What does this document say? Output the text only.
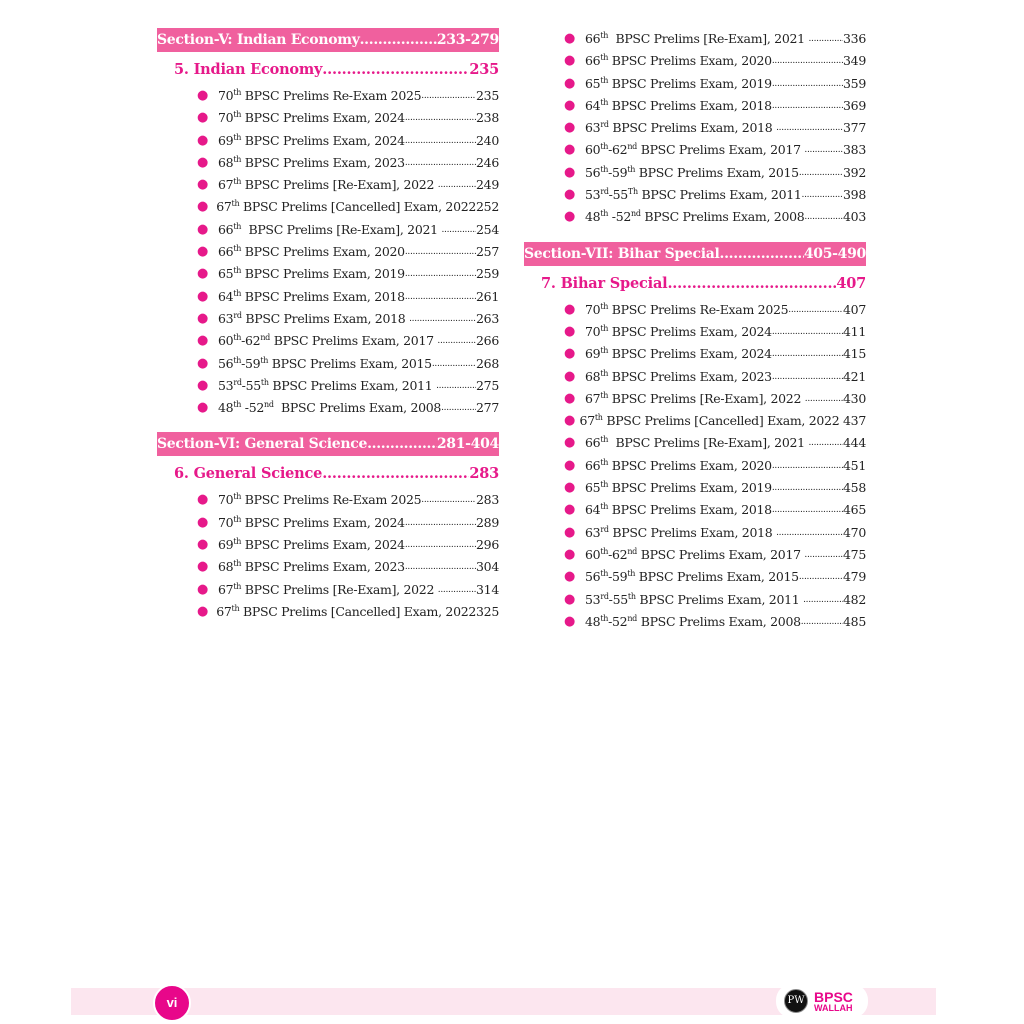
Section-V: Indian Economy .....	233-279
5. Indian Economy .....	235
● 70th BPSC Prelims Re-Exam 2025 .....	235
● 70th BPSC Prelims Exam, 2024 .....	238
● 69th BPSC Prelims Exam, 2024 .....	240
● 68th BPSC Prelims Exam, 2023 .....	246
● 67th BPSC Prelims [Re-Exam], 2022 .....	249
● 67th BPSC Prelims [Cancelled] Exam, 2022 252
● 66th  BPSC Prelims [Re-Exam], 2021 .....	254
● 66th BPSC Prelims Exam, 2020 .....	257
● 65th BPSC Prelims Exam, 2019 .....	259
● 64th BPSC Prelims Exam, 2018 .....	261
● 63rd BPSC Prelims Exam, 2018 .....	263
● 60th-62nd BPSC Prelims Exam, 2017 .....	266
● 56th-59th BPSC Prelims Exam, 2015 .....	268
● 53rd-55th BPSC Prelims Exam, 2011 .....	275
● 48th -52nd  BPSC Prelims Exam, 2008 .....	277
Section-VI: General Science .....	281-404
6. General Science .....	283
● 70th BPSC Prelims Re-Exam 2025 .....	283
● 70th BPSC Prelims Exam, 2024 .....	289
● 69th BPSC Prelims Exam, 2024 .....	296
● 68th BPSC Prelims Exam, 2023 .....	304
● 67th BPSC Prelims [Re-Exam], 2022 .....	314
● 67th BPSC Prelims [Cancelled] Exam, 2022 325
● 66th  BPSC Prelims [Re-Exam], 2021 .....	336
● 66th BPSC Prelims Exam, 2020 .....	349
● 65th BPSC Prelims Exam, 2019 .....	359
● 64th BPSC Prelims Exam, 2018 .....	369
● 63rd BPSC Prelims Exam, 2018 .....	377
● 60th-62nd BPSC Prelims Exam, 2017 .....	383
● 56th-59th BPSC Prelims Exam, 2015 .....	392
● 53rd-55Th BPSC Prelims Exam, 2011 .....	398
● 48th -52nd BPSC Prelims Exam, 2008 .....	403
Section-VII: Bihar Special .....	405-490
7. Bihar Special .....	407
● 70th BPSC Prelims Re-Exam 2025 .....	407
● 70th BPSC Prelims Exam, 2024 .....	411
● 69th BPSC Prelims Exam, 2024 .....	415
● 68th BPSC Prelims Exam, 2023 .....	421
● 67th BPSC Prelims [Re-Exam], 2022 .....	430
● 67th BPSC Prelims [Cancelled] Exam, 2022 437
● 66th  BPSC Prelims [Re-Exam], 2021 .....	444
● 66th BPSC Prelims Exam, 2020 .....	451
● 65th BPSC Prelims Exam, 2019 .....	458
● 64th BPSC Prelims Exam, 2018 .....	465
● 63rd BPSC Prelims Exam, 2018 .....	470
● 60th-62nd BPSC Prelims Exam, 2017 .....	475
● 56th-59th BPSC Prelims Exam, 2015 .....	479
● 53rd-55th BPSC Prelims Exam, 2011 .....	482
● 48th-52nd BPSC Prelims Exam, 2008 .....	485
vi	PW BPSC
WALLAH
